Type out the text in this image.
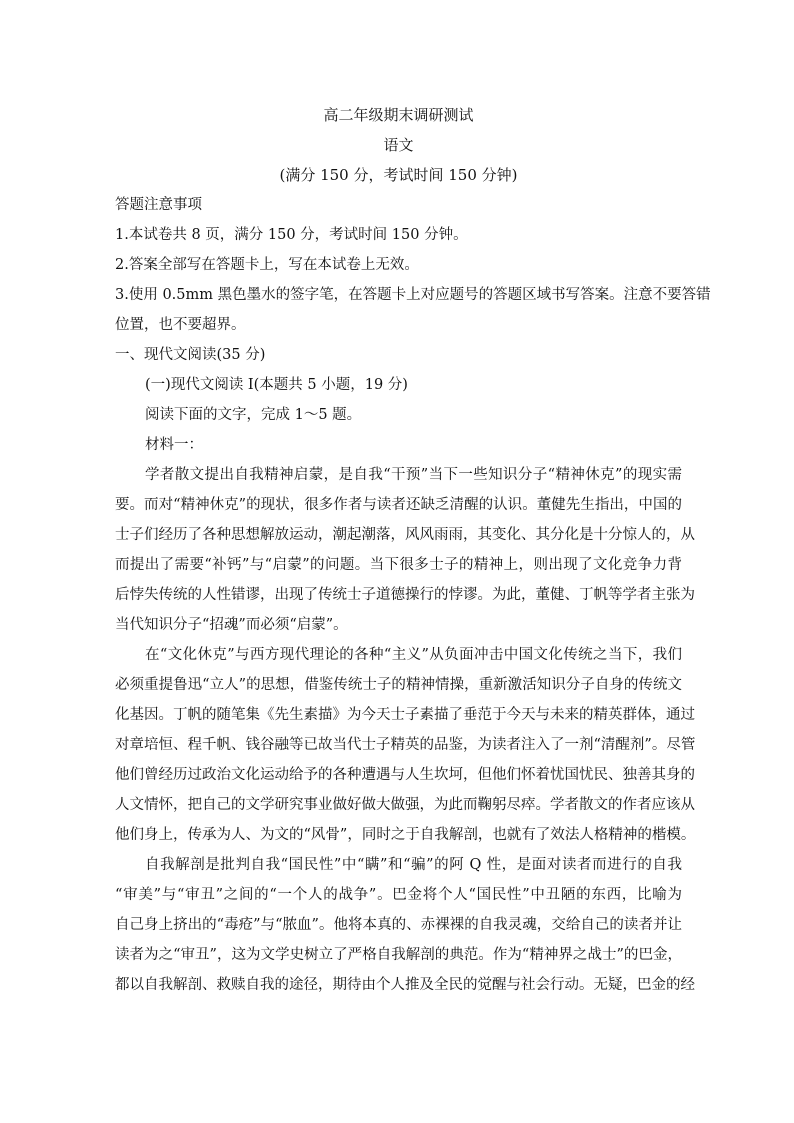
高二年级期末调研测试
语文
(满分 150 分，考试时间 150 分钟)
答题注意事项
1.本试卷共 8 页，满分 150 分，考试时间 150 分钟。
2.答案全部写在答题卡上，写在本试卷上无效。
3.使用 0.5mm 黑色墨水的签字笔，在答题卡上对应题号的答题区域书写答案。注意不要答错
位置，也不要超界。
一、现代文阅读(35 分)
(一)现代文阅读 I(本题共 5 小题，19 分)
阅读下面的文字，完成 1～5 题。
材料一：
学者散文提出自我精神启蒙，是自我“干预”当下一些知识分子“精神休克”的现实需
要。而对“精神休克”的现状，很多作者与读者还缺乏清醒的认识。董健先生指出，中国的
士子们经历了各种思想解放运动，潮起潮落，风风雨雨，其变化、其分化是十分惊人的，从
而提出了需要“补钙”与“启蒙”的问题。当下很多士子的精神上，则出现了文化竞争力背
后悖失传统的人性错谬，出现了传统士子道德操行的悖谬。为此，董健、丁帆等学者主张为
当代知识分子“招魂”而必须“启蒙”。
在“文化休克”与西方现代理论的各种“主义”从负面冲击中国文化传统之当下，我们
必须重提鲁迅“立人”的思想，借鉴传统士子的精神情操，重新激活知识分子自身的传统文
化基因。丁帆的随笔集《先生素描》为今天士子素描了垂范于今天与未来的精英群体，通过
对章培恒、程千帆、钱谷融等已故当代士子精英的品鉴，为读者注入了一剂“清醒剂”。尽管
他们曾经历过政治文化运动给予的各种遭遇与人生坎坷，但他们怀着忧国忧民、独善其身的
人文情怀，把自己的文学研究事业做好做大做强，为此而鞠躬尽瘁。学者散文的作者应该从
他们身上，传承为人、为文的“风骨”，同时之于自我解剖，也就有了效法人格精神的楷模。
自我解剖是批判自我“国民性”中“瞒”和“骗”的阿 Q 性，是面对读者而进行的自我
“审美”与“审丑”之间的“一个人的战争”。巴金将个人“国民性”中丑陋的东西，比喻为
自己身上挤出的“毒疮”与“脓血”。他将本真的、赤裸裸的自我灵魂，交给自己的读者并让
读者为之“审丑”，这为文学史树立了严格自我解剖的典范。作为“精神界之战士”的巴金，
都以自我解剖、救赎自我的途径，期待由个人推及全民的觉醒与社会行动。无疑，巴金的经
